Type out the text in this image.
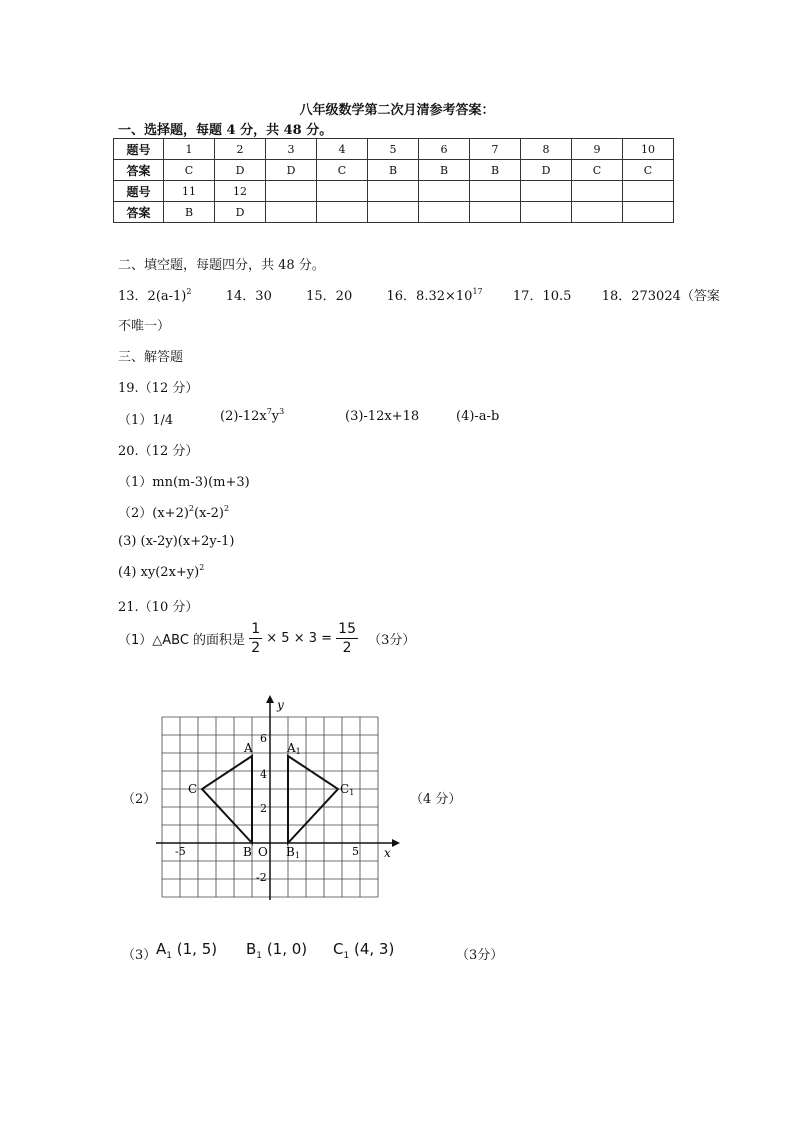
八年级数学第二次月清参考答案：
一、选择题，每题 4 分，共 48 分。
题号	1	2	3	4	5	6	7	8	9	10
答案	C	D	D	C	B	B	B	D	C	C
题号	11	12								
答案	B	D								
二、填空题，每题四分，共 48 分。
13．$2(a-1)^2$	14．30	15．20	16．$8.32\times 10^{17}$ 17．10.5 18．273024（答案
不唯一）
三、解答题
19.（12 分）
（1）1/4	$(2)-12x^7y^3$	(3)-12x+18	(4)-a-b
20.（12 分）
（1）mn(m-3)(m+3)
$(2)(x+2)^2(x-2)^2$
(3) (x-2y)(x+2y-1)
(4) $xy(2x+y)^2$
21.（10 分）
（1）△ABC 的面积是 $\frac{1}{2} \times 5 \times 3 = \frac{15}{2} (3$分）
（2）	（4 分）
y
x
O
-5	5
6
4
2
-2
A
B
C
A1
B1
C1
（3） $A_1$ (1, 5) $B_1$ (1, 0) $C_1$ (4, 3)	（3分）
